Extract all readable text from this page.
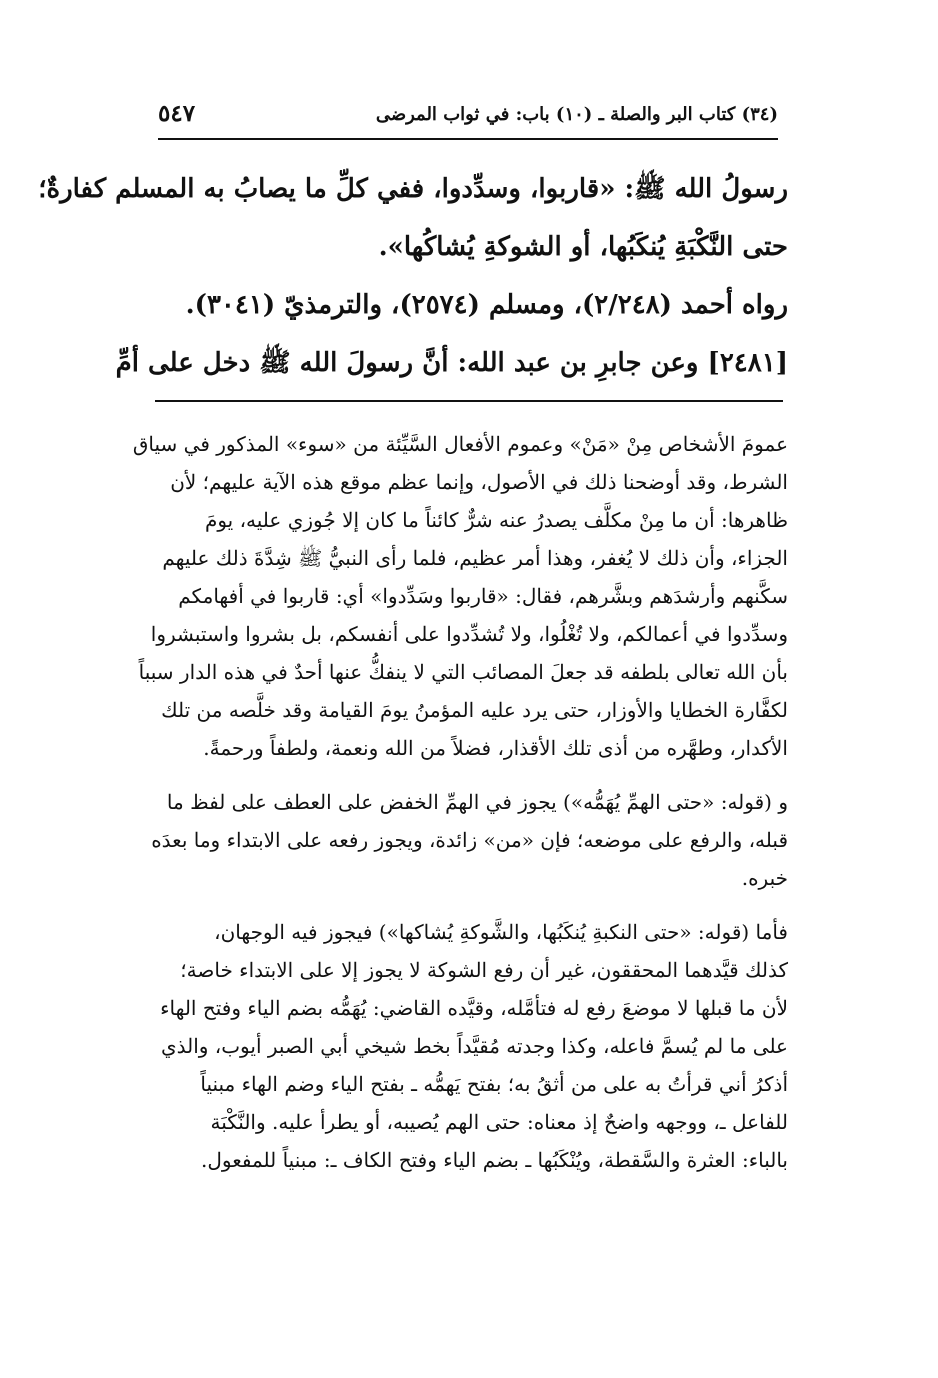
(٣٤) كتاب البر والصلة ـ (١٠) باب: في ثواب المرضى
٥٤٧
رسولُ الله ﷺ: «قاربوا، وسدِّدوا، ففي كلِّ ما يصابُ به المسلم كفارةٌ؛
حتى النَّكْبَةِ يُنكَبُها، أو الشوكةِ يُشاكُها».
رواه أحمد (٢/٢٤٨)، ومسلم (٢٥٧٤)، والترمذيّ (٣٠٤١).
[٢٤٨١] وعن جابرِ بن عبد الله: أنَّ رسولَ الله ﷺ دخل على أمِّ
عمومَ الأشخاص مِنْ «مَنْ» وعموم الأفعال السَّيِّئة من «سوء» المذكور في سياق
الشرط، وقد أوضحنا ذلك في الأصول، وإنما عظم موقع هذه الآية عليهم؛ لأن
ظاهرها: أن ما مِنْ مكلَّف يصدرُ عنه شرٌّ كائناً ما كان إلا جُوزي عليه، يومَ
الجزاء، وأن ذلك لا يُغفر، وهذا أمر عظيم، فلما رأى النبيُّ ﷺ شِدَّةَ ذلك عليهم
سكَّنهم وأرشدَهم وبشَّرهم، فقال: «قاربوا وسَدِّدوا» أي: قاربوا في أفهامكم
وسدِّدوا في أعمالكم، ولا تُغْلُوا، ولا تُشدِّدوا على أنفسكم، بل بشروا واستبشروا
بأن الله تعالى بلطفه قد جعلَ المصائب التي لا ينفكُّ عنها أحدٌ في هذه الدار سبباً
لكفَّارة الخطايا والأوزار، حتى يرد عليه المؤمنُ يومَ القيامة وقد خلَّصه من تلك
الأكدار، وطهَّره من أذى تلك الأقذار، فضلاً من الله ونعمة، ولطفاً ورحمةً.
و (قوله: «حتى الهمِّ يُهَمُّه») يجوز في الهمِّ الخفض على العطف على لفظ ما
قبله، والرفع على موضعه؛ فإن «من» زائدة، ويجوز رفعه على الابتداء وما بعدَه
خبره.
فأما (قوله: «حتى النكبةِ يُنكَبُها، والشَّوكةِ يُشاكها») فيجوز فيه الوجهان،
كذلك قيَّدهما المحققون، غير أن رفع الشوكة لا يجوز إلا على الابتداء خاصة؛
لأن ما قبلها لا موضعَ رفع له فتأمَّله، وقيَّده القاضي: يُهَمُّه بضم الياء وفتح الهاء
على ما لم يُسمَّ فاعله، وكذا وجدته مُقيَّداً بخط شيخي أبي الصبر أيوب، والذي
أذكرُ أني قرأتُ به على من أثقُ به؛ بفتح يَهمُّه ـ بفتح الياء وضم الهاء مبنياً
للفاعل ـ، ووجهه واضحٌ إذ معناه: حتى الهم يُصيبه، أو يطرأ عليه. والنَّكْبَة
بالباء: العثرة والسَّقطة، ويُنْكَبُها ـ بضم الياء وفتح الكاف ـ: مبنياً للمفعول.
